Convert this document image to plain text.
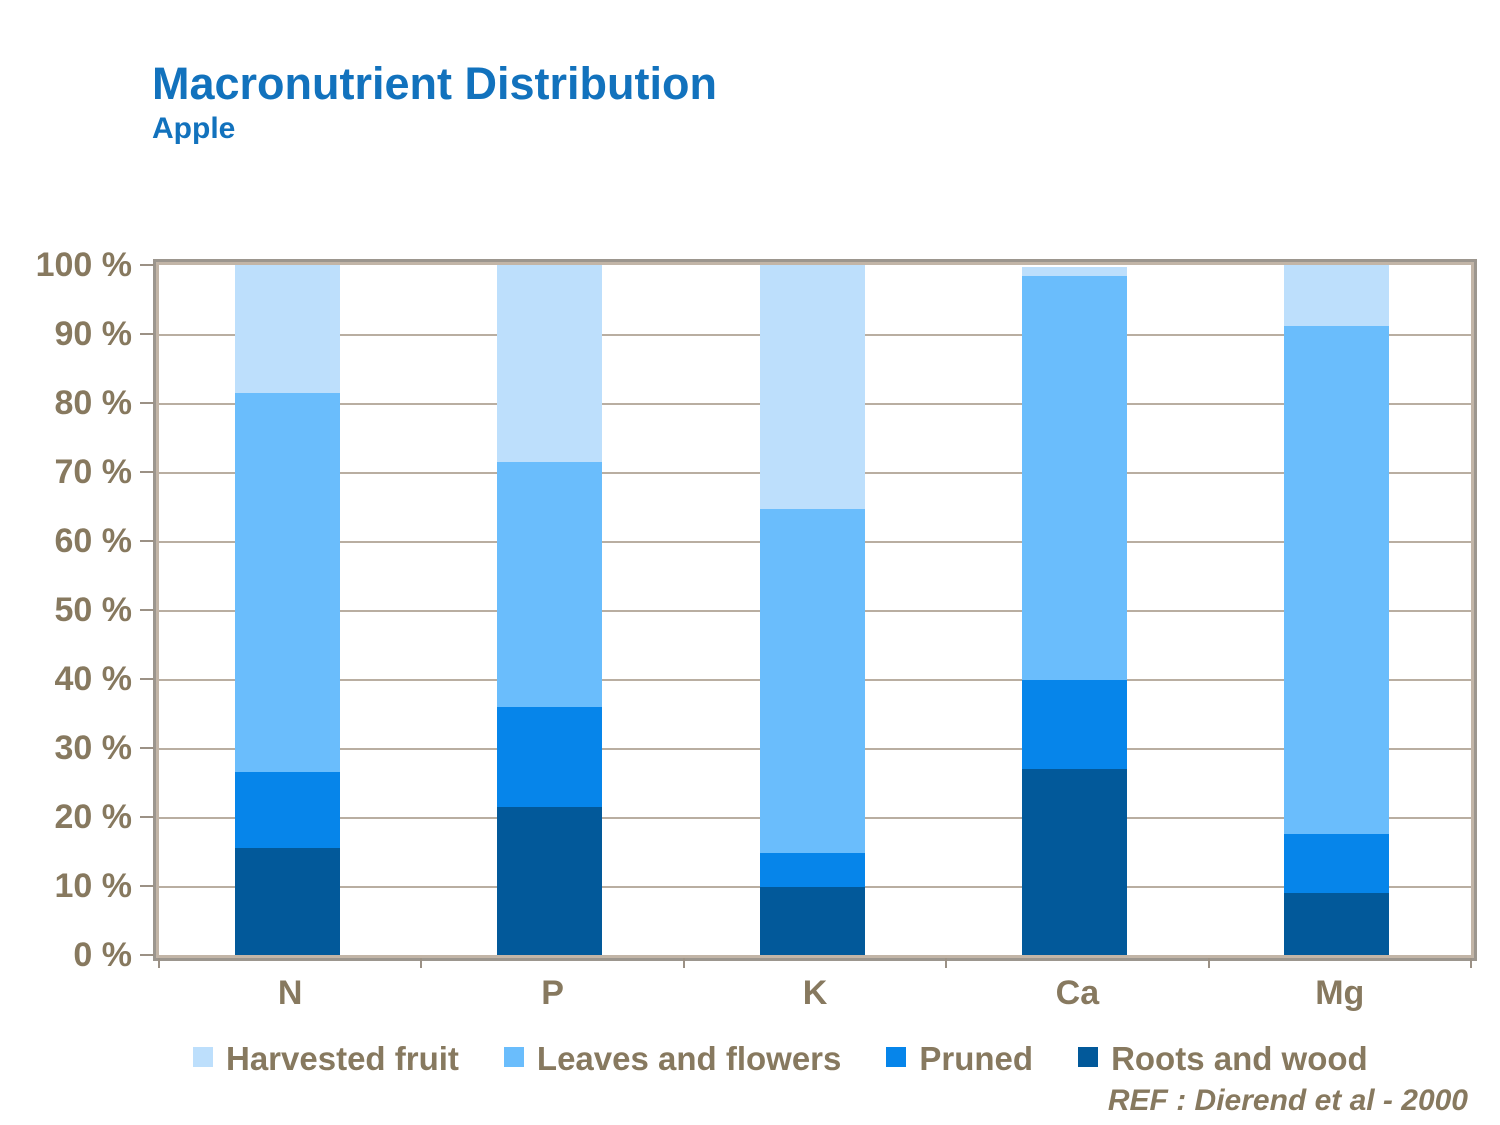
Macronutrient Distribution
Apple
0 %
10 %
20 %
30 %
40 %
50 %
60 %
70 %
80 %
90 %
100 %
N	P	K	Ca	Mg
Harvested fruit Leaves and flowers Pruned Roots and wood
REF : Dierend et al - 2000
